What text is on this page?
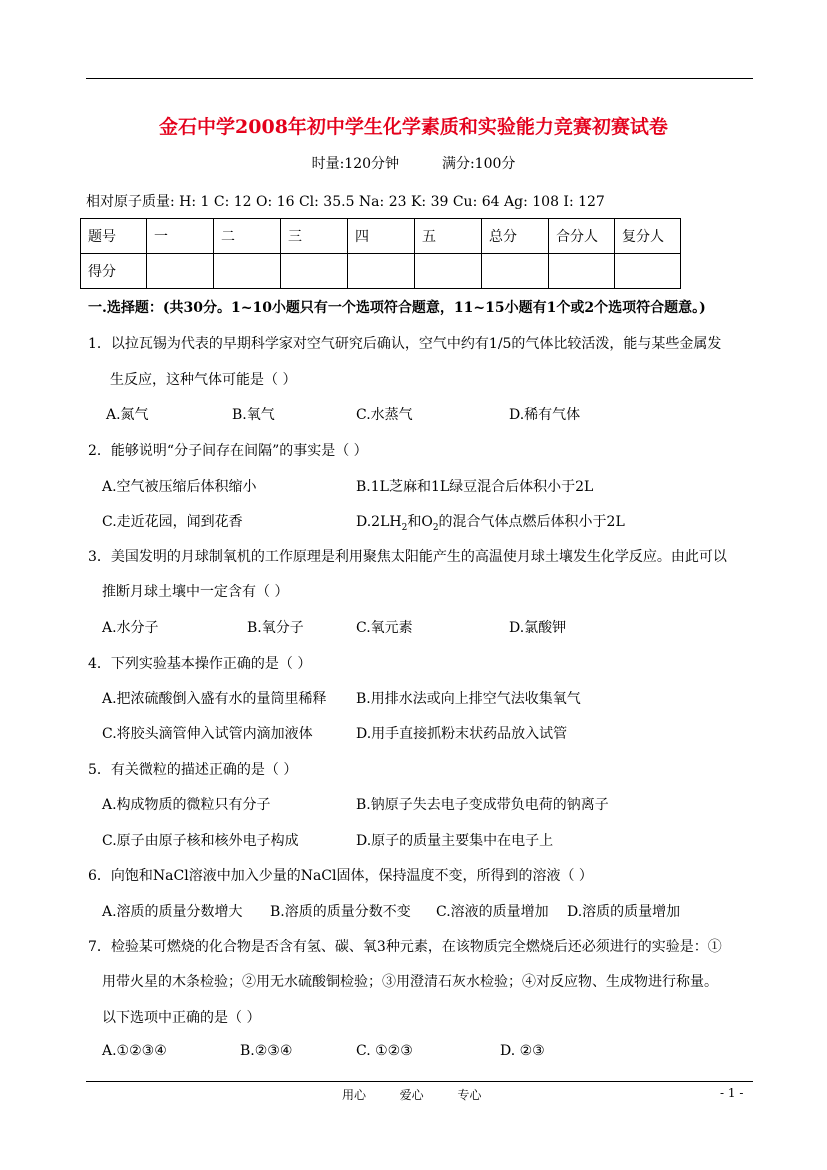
金石中学2008年初中学生化学素质和实验能力竞赛初赛试卷
时量:120分钟	满分:100分
相对原子质量: H: 1 C: 12 O: 16 Cl: 35.5 Na: 23 K: 39 Cu: 64 Ag: 108 I: 127
题号	一	二	三	四	五	总分	合分人	复分人
得分								
一.选择题：(共30分。1~10小题只有一个选项符合题意，11~15小题有1个或2个选项符合题意。)
1．以拉瓦锡为代表的早期科学家对空气研究后确认，空气中约有1/5的气体比较活泼，能与某些金属发
生反应，这种气体可能是（ ）
A.氮气	B.氧气	C.水蒸气	D.稀有气体
2．能够说明“分子间存在间隔”的事实是（ ）
A.空气被压缩后体积缩小	B.1L芝麻和1L绿豆混合后体积小于2L
C.走近花园，闻到花香	$D.2LH_2$和$O_2$的混合气体点燃后体积小于2L
3．美国发明的月球制氧机的工作原理是利用聚焦太阳能产生的高温使月球土壤发生化学反应。由此可以
推断月球土壤中一定含有（ ）
A.水分子	B.氧分子	C.氧元素	D.氯酸钾
4．下列实验基本操作正确的是（ ）
A.把浓硫酸倒入盛有水的量筒里稀释 B.用排水法或向上排空气法收集氧气
C.将胶头滴管伸入试管内滴加液体	D.用手直接抓粉末状药品放入试管
5．有关微粒的描述正确的是（ ）
A.构成物质的微粒只有分子	B.钠原子失去电子变成带负电荷的钠离子
C.原子由原子核和核外电子构成	D.原子的质量主要集中在电子上
6．向饱和NaCl溶液中加入少量的NaCl固体，保持温度不变，所得到的溶液（ ）
A.溶质的质量分数增大 B.溶质的质量分数不变 C.溶液的质量增加 D.溶质的质量增加
7．检验某可燃烧的化合物是否含有氢、碳、氧3种元素，在该物质完全燃烧后还必须进行的实验是：①
用带火星的木条检验；②用无水硫酸铜检验；③用澄清石灰水检验；④对反应物、生成物进行称量。
以下选项中正确的是（ ）
A.①②③④	B.②③④	C. ①②③	D. ②③
用心	爱心	专心	- 1 -
